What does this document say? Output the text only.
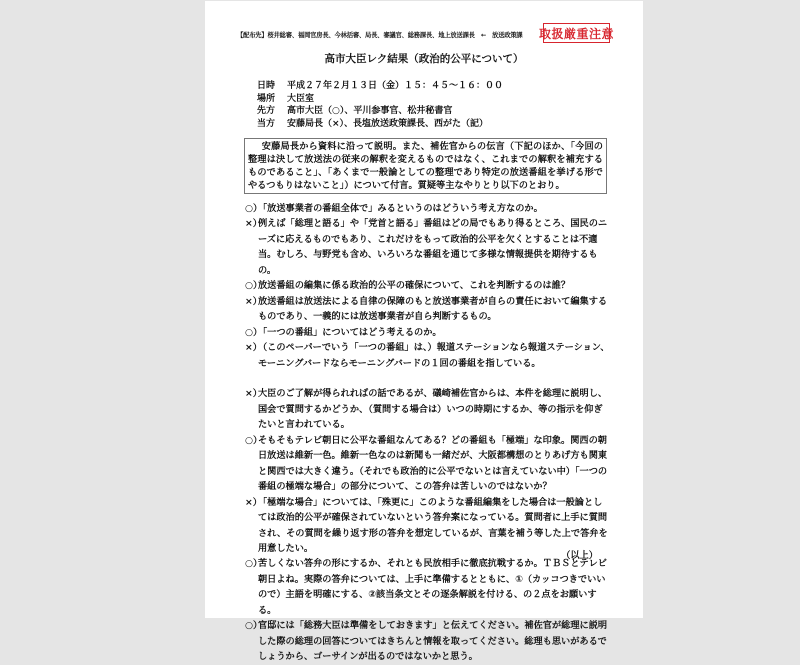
【配布先】桜井総審、福岡官房長、今林括審、局長、審議官、総務課長、地上放送課長　←　放送政策課 取扱厳重注意
高市大臣レク結果（政治的公平について）
日時	平成２７年２月１３日（金）１５：４５～１６：００
場所	大臣室
先方	高市大臣（○）、平川参事官、松井秘書官
当方	安藤局長（×）、長塩放送政策課長、西がた（記）
安藤局長から資料に沿って説明。また、補佐官からの伝言（下記のほか、「今回の整理は決して放送法の従来の解釈を変えるものではなく、これまでの解釈を補充するものであること」、「あくまで一般論としての整理であり特定の放送番組を挙げる形でやるつもりはないこと」）について付言。質疑等主なやりとり以下のとおり。
○）
「放送事業者の番組全体で」みるというのはどういう考え方なのか。
×）
例えば「総理と語る」や「党首と語る」番組はどの局でもあり得るところ、国民のニーズに応えるものでもあり、これだけをもって政治的公平を欠くとすることは不適当。むしろ、与野党も含め、いろいろな番組を通じて多様な情報提供を期待するもの。
○）
放送番組の編集に係る政治的公平の確保について、これを判断するのは誰？
×）
放送番組は放送法による自律の保障のもと放送事業者が自らの責任において編集するものであり、一義的には放送事業者が自ら判断するもの。
○）
「一つの番組」についてはどう考えるのか。
×）
（このペーパーでいう「一つの番組」は、）報道ステーションなら報道ステーション、モーニングバードならモーニングバードの１回の番組を指している。
×）
大臣のご了解が得られればの話であるが、礒崎補佐官からは、本件を総理に説明し、国会で質問するかどうか、（質問する場合は）いつの時期にするか、等の指示を仰ぎたいと言われている。
○）
そもそもテレビ朝日に公平な番組なんてある？どの番組も「極端」な印象。関西の朝日放送は維新一色。維新一色なのは新聞も一緒だが、大阪都構想のとりあげ方も関東と関西では大きく違う。（それでも政治的に公平でないとは言えていない中）「一つの番組の極端な場合」の部分について、この答弁は苦しいのではないか？
×）
「極端な場合」については、「殊更に」このような番組編集をした場合は一般論としては政治的公平が確保されていないという答弁案になっている。質問者に上手に質問され、その質問を繰り返す形の答弁を想定しているが、言葉を補う等した上で答弁を用意したい。
○）
苦しくない答弁の形にするか、それとも民放相手に徹底抗戦するか。ＴＢＳとテレビ朝日よね。実際の答弁については、上手に準備するとともに、①（カッコつきでいいので）主語を明確にする、②該当条文とその逐条解説を付ける、の２点をお願いする。
○）
官邸には「総務大臣は準備をしておきます」と伝えてください。補佐官が総理に説明した際の総理の回答についてはきちんと情報を取ってください。総理も思いがあるでしょうから、ゴーサインが出るのではないかと思う。
（以上）
